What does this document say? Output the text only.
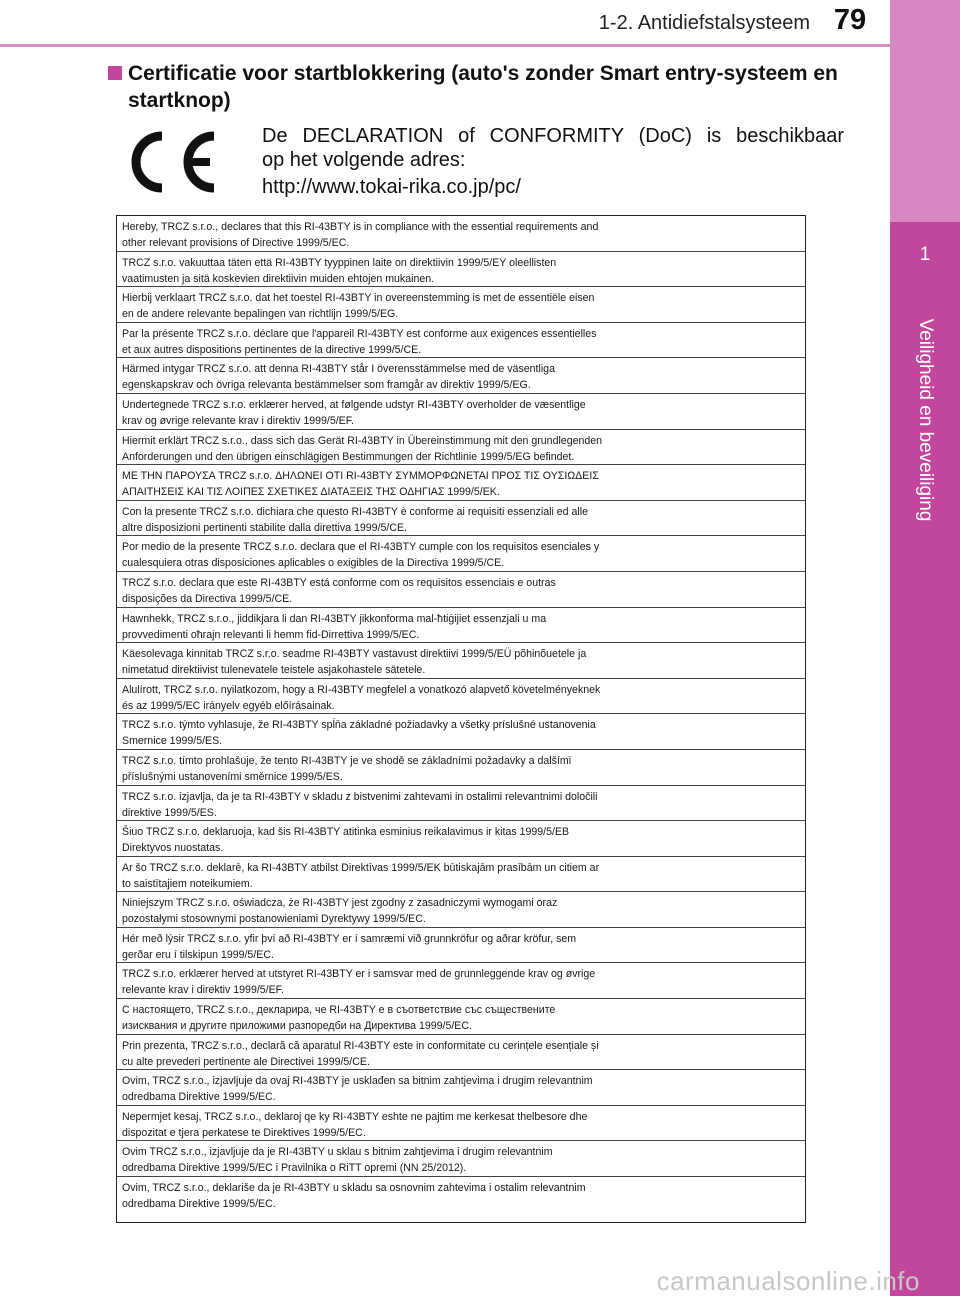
1
Veiligheid en beveiliging
1-2. Antidiefstalsysteem 79
Certificatie voor startblokkering (auto's zonder Smart entry-systeem en startknop)
De DECLARATION of CONFORMITY (DoC) is beschikbaar
op het volgende adres:
http://www.tokai-rika.co.jp/pc/
Hereby, TRCZ s.r.o., declares that this RI-43BTY is in compliance with the essential requirements and
other relevant provisions of Directive 1999/5/EC.
TRCZ s.r.o. vakuuttaa täten että RI-43BTY tyyppinen laite on direktiivin 1999/5/EY oleellisten
vaatimusten ja sitä koskevien direktiivin muiden ehtojen mukainen.
Hierbij verklaart TRCZ s.r.o. dat het toestel RI-43BTY in overeenstemming is met de essentiële eisen
en de andere relevante bepalingen van richtlijn 1999/5/EG.
Par la présente TRCZ s.r.o. déclare que l'appareil RI-43BTY est conforme aux exigences essentielles
et aux autres dispositions pertinentes de la directive 1999/5/CE.
Härmed intygar TRCZ s.r.o. att denna RI-43BTY står I överensstämmelse med de väsentliga
egenskapskrav och övriga relevanta bestämmelser som framgår av direktiv 1999/5/EG.
Undertegnede TRCZ s.r.o. erklærer herved, at følgende udstyr RI-43BTY overholder de væsentlige
krav og øvrige relevante krav i direktiv 1999/5/EF.
Hiermit erklärt TRCZ s.r.o., dass sich das Gerät RI-43BTY in Übereinstimmung mit den grundlegenden
Anforderungen und den übrigen einschlägigen Bestimmungen der Richtlinie 1999/5/EG befindet.
ΜΕ ΤΗΝ ΠΑΡΟΥΣΑ TRCZ s.r.o. ΔΗΛΩΝΕΙ ΟΤΙ RI-43BTY ΣΥΜΜΟΡΦΩΝΕΤΑΙ ΠΡΟΣ ΤΙΣ ΟΥΣΙΩΔΕΙΣ
ΑΠΑΙΤΗΣΕΙΣ ΚΑΙ ΤΙΣ ΛΟΙΠΕΣ ΣΧΕΤΙΚΕΣ ΔΙΑΤΑΞΕΙΣ ΤΗΣ ΟΔΗΓΙΑΣ 1999/5/ΕΚ.
Con la presente TRCZ s.r.o. dichiara che questo RI-43BTY è conforme ai requisiti essenziali ed alle
altre disposizioni pertinenti stabilite dalla direttiva 1999/5/CE.
Por medio de la presente TRCZ s.r.o. declara que el RI-43BTY cumple con los requisitos esenciales y
cualesquiera otras disposiciones aplicables o exigibles de la Directiva 1999/5/CE.
TRCZ s.r.o. declara que este RI-43BTY está conforme com os requisitos essenciais e outras
disposições da Directiva 1999/5/CE.
Hawnhekk, TRCZ s.r.o., jiddikjara li dan RI-43BTY jikkonforma mal-ħtiġijiet essenzjali u ma
provvedimenti oħrajn relevanti li hemm fid-Dirrettiva 1999/5/EC.
Käesolevaga kinnitab TRCZ s.r.o. seadme RI-43BTY vastavust direktiivi 1999/5/EÜ põhinõuetele ja
nimetatud direktiivist tulenevatele teistele asjakohastele sätetele.
Alulírott, TRCZ s.r.o. nyilatkozom, hogy a RI-43BTY megfelel a vonatkozó alapvető követelményeknek
és az 1999/5/EC irányelv egyéb előírásainak.
TRCZ s.r.o. týmto vyhlasuje, že RI-43BTY spĺňa základné požiadavky a všetky príslušné ustanovenia
Smernice 1999/5/ES.
TRCZ s.r.o. tímto prohlašuje, že tento RI-43BTY je ve shodě se základními požadavky a dalšími
příslušnými ustanoveními směrnice 1999/5/ES.
TRCZ s.r.o. izjavlja, da je ta RI-43BTY v skladu z bistvenimi zahtevami in ostalimi relevantnimi določili
direktive 1999/5/ES.
Šiuo TRCZ s.r.o. deklaruoja, kad šis RI-43BTY atitinka esminius reikalavimus ir kitas 1999/5/EB
Direktyvos nuostatas.
Ar šo TRCZ s.r.o. deklarē, ka RI-43BTY atbilst Direktīvas 1999/5/EK būtiskajām prasībām un citiem ar
to saistītajiem noteikumiem.
Niniejszym TRCZ s.r.o. oświadcza, że RI-43BTY jest zgodny z zasadniczymi wymogami oraz
pozostałymi stosownymi postanowieniami Dyrektywy 1999/5/EC.
Hér með lýsir TRCZ s.r.o. yfir því að RI-43BTY er í samræmi við grunnkröfur og aðrar kröfur, sem
gerðar eru í tilskipun 1999/5/EC.
TRCZ s.r.o. erklærer herved at utstyret RI-43BTY er i samsvar med de grunnleggende krav og øvrige
relevante krav i direktiv 1999/5/EF.
С настоящето, TRCZ s.r.o., декларира, че RI-43BTY е в съответствие със съществените
изисквания и другите приложими разпоредби на Директива 1999/5/ЕС.
Prin prezenta, TRCZ s.r.o., declară că aparatul RI-43BTY este in conformitate cu cerințele esențiale și
cu alte prevederi pertinente ale Directivei 1999/5/CE.
Ovim, TRCZ s.r.o., izjavljuje da ovaj RI-43BTY je usklađen sa bitnim zahtjevima i drugim relevantnim
odredbama Direktive 1999/5/EC.
Nepermjet kesaj, TRCZ s.r.o., deklaroj qe ky RI-43BTY eshte ne pajtim me kerkesat thelbesore dhe
dispozitat e tjera perkatese te Direktives 1999/5/EC.
Ovim TRCZ s.r.o., izjavljuje da je RI-43BTY u sklau s bitnim zahtjevima i drugim relevantnim
odredbama Direktive 1999/5/EC i Pravilnika o RiTT opremi (NN 25/2012).
Ovim, TRCZ s.r.o., deklariše da je RI-43BTY u skladu sa osnovnim zahtevima i ostalim relevantnim
odredbama Direktive 1999/5/EC.
carmanualsonline.info
